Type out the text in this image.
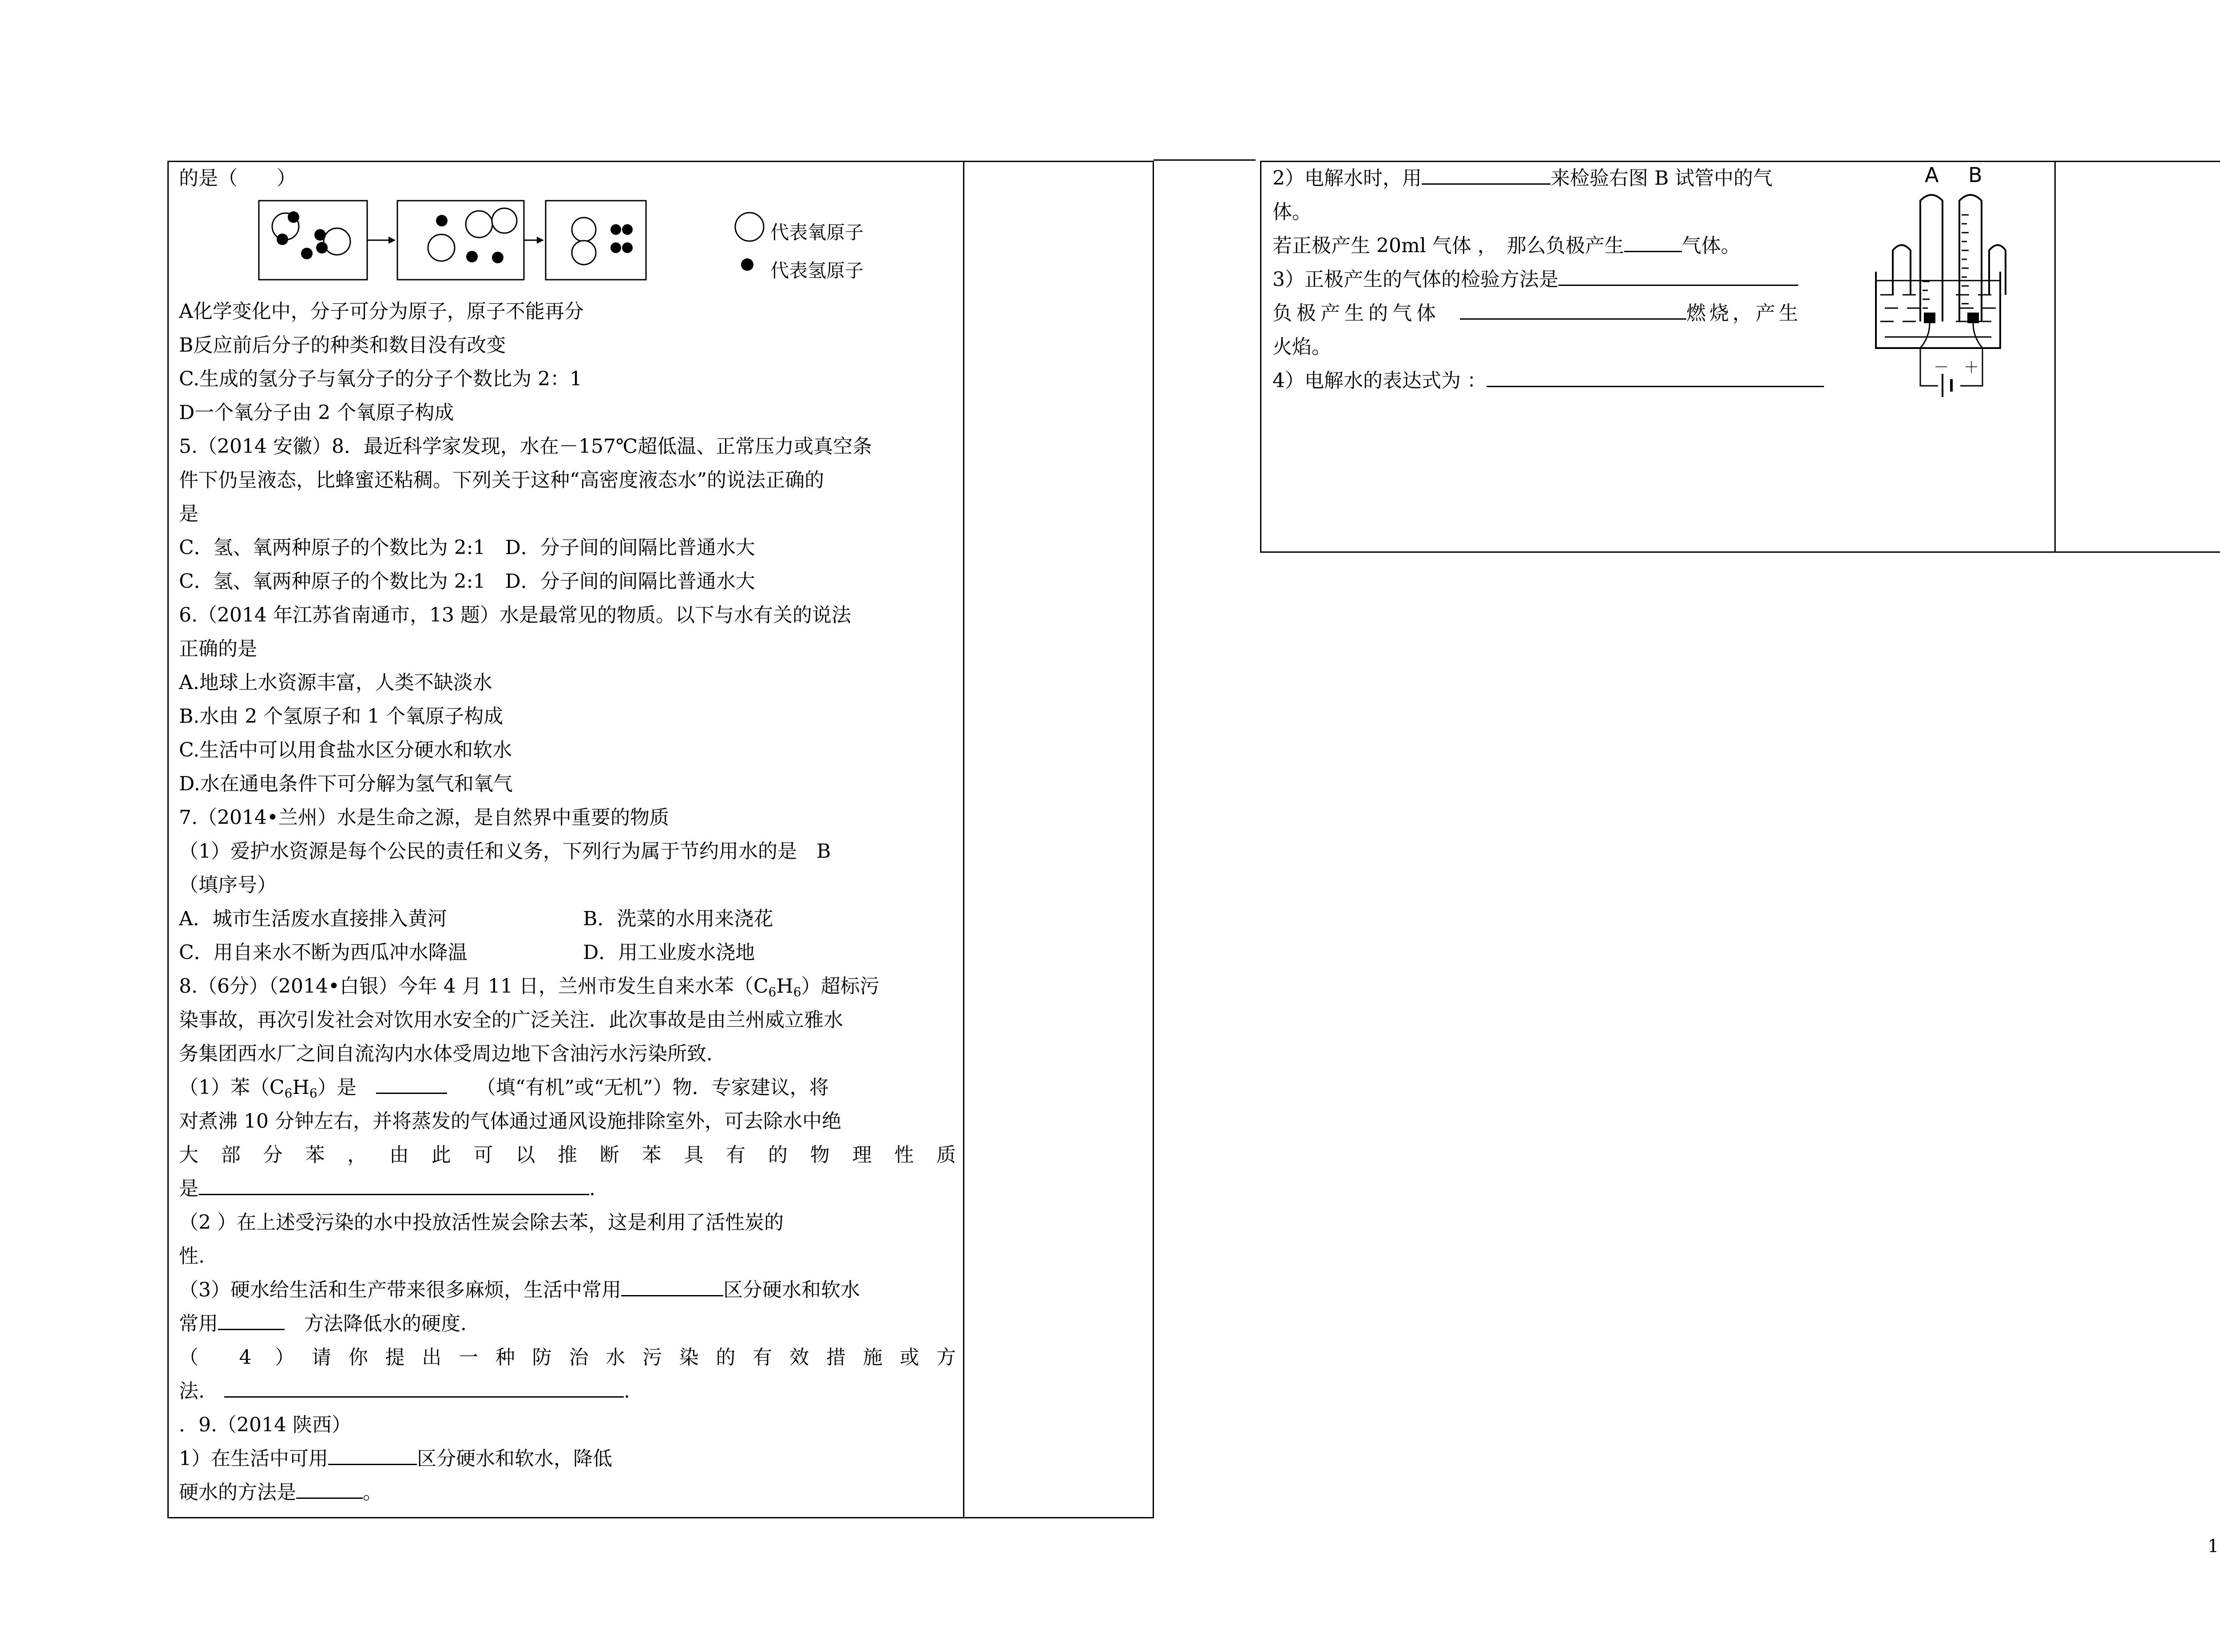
的是（　　）
代表氧原子
代表氢原子
A化学变化中，分子可分为原子，原子不能再分
B反应前后分子的种类和数目没有改变
C.生成的氢分子与氧分子的分子个数比为 2：1
D一个氧分子由 2 个氧原子构成
5.（2014 安徽）8．最近科学家发现，水在－157℃超低温、正常压力或真空条
件下仍呈液态，比蜂蜜还粘稠。下列关于这种“高密度液态水”的说法正确的
是
C．氢、氧两种原子的个数比为 2:1　D．分子间的间隔比普通水大
C．氢、氧两种原子的个数比为 2:1　D．分子间的间隔比普通水大
6.（2014 年江苏省南通市，13 题）水是最常见的物质。以下与水有关的说法
正确的是
A.地球上水资源丰富，人类不缺淡水
B.水由 2 个氢原子和 1 个氧原子构成
C.生活中可以用食盐水区分硬水和软水
D.水在通电条件下可分解为氢气和氧气
7.（2014•兰州）水是生命之源，是自然界中重要的物质
（1）爱护水资源是每个公民的责任和义务，下列行为属于节约用水的是　B
（填序号）
A．城市生活废水直接排入黄河	B．洗菜的水用来浇花
C．用自来水不断为西瓜冲水降温	D．用工业废水浇地
8.（6分）（2014•白银）今年 4 月 11 日，兰州市发生自来水苯$(C_6H_6)$超标污
染事故，再次引发社会对饮用水安全的广泛关注．此次事故是由兰州威立雅水
务集团西水厂之间自流沟内水体受周边地下含油污水污染所致．
（1）苯$(C_6H_6)$是　　　	（填“有机”或“无机”）物．专家建议，将
对煮沸 10 分钟左右，并将蒸发的气体通过通风设施排除室外，可去除水中绝
大部分苯，由此可以推断苯具有的物理性质
是	.
（2 ）在上述受污染的水中投放活性炭会除去苯，这是利用了活性炭的
性.
（3）硬水给生活和生产带来很多麻烦，生活中常用	区分硬水和软水
常用　	方法降低水的硬度.
（ 4 ）请你提出一种防治水污染的有效措施或方
法.　	.
．9.（2014 陕西）
1）在生活中可用	区分硬水和软水，降低
硬水的方法是	。
2）电解水时，用	来检验右图 B 试管中的气
体。
若正极产生 20ml 气体 ，　那么负极产生	气体。
3）正极产生的气体的检验方法是
负极产生的气体　	燃烧，产生
火焰。
4）电解水的表达式为 ：
A B
－ ＋
1
